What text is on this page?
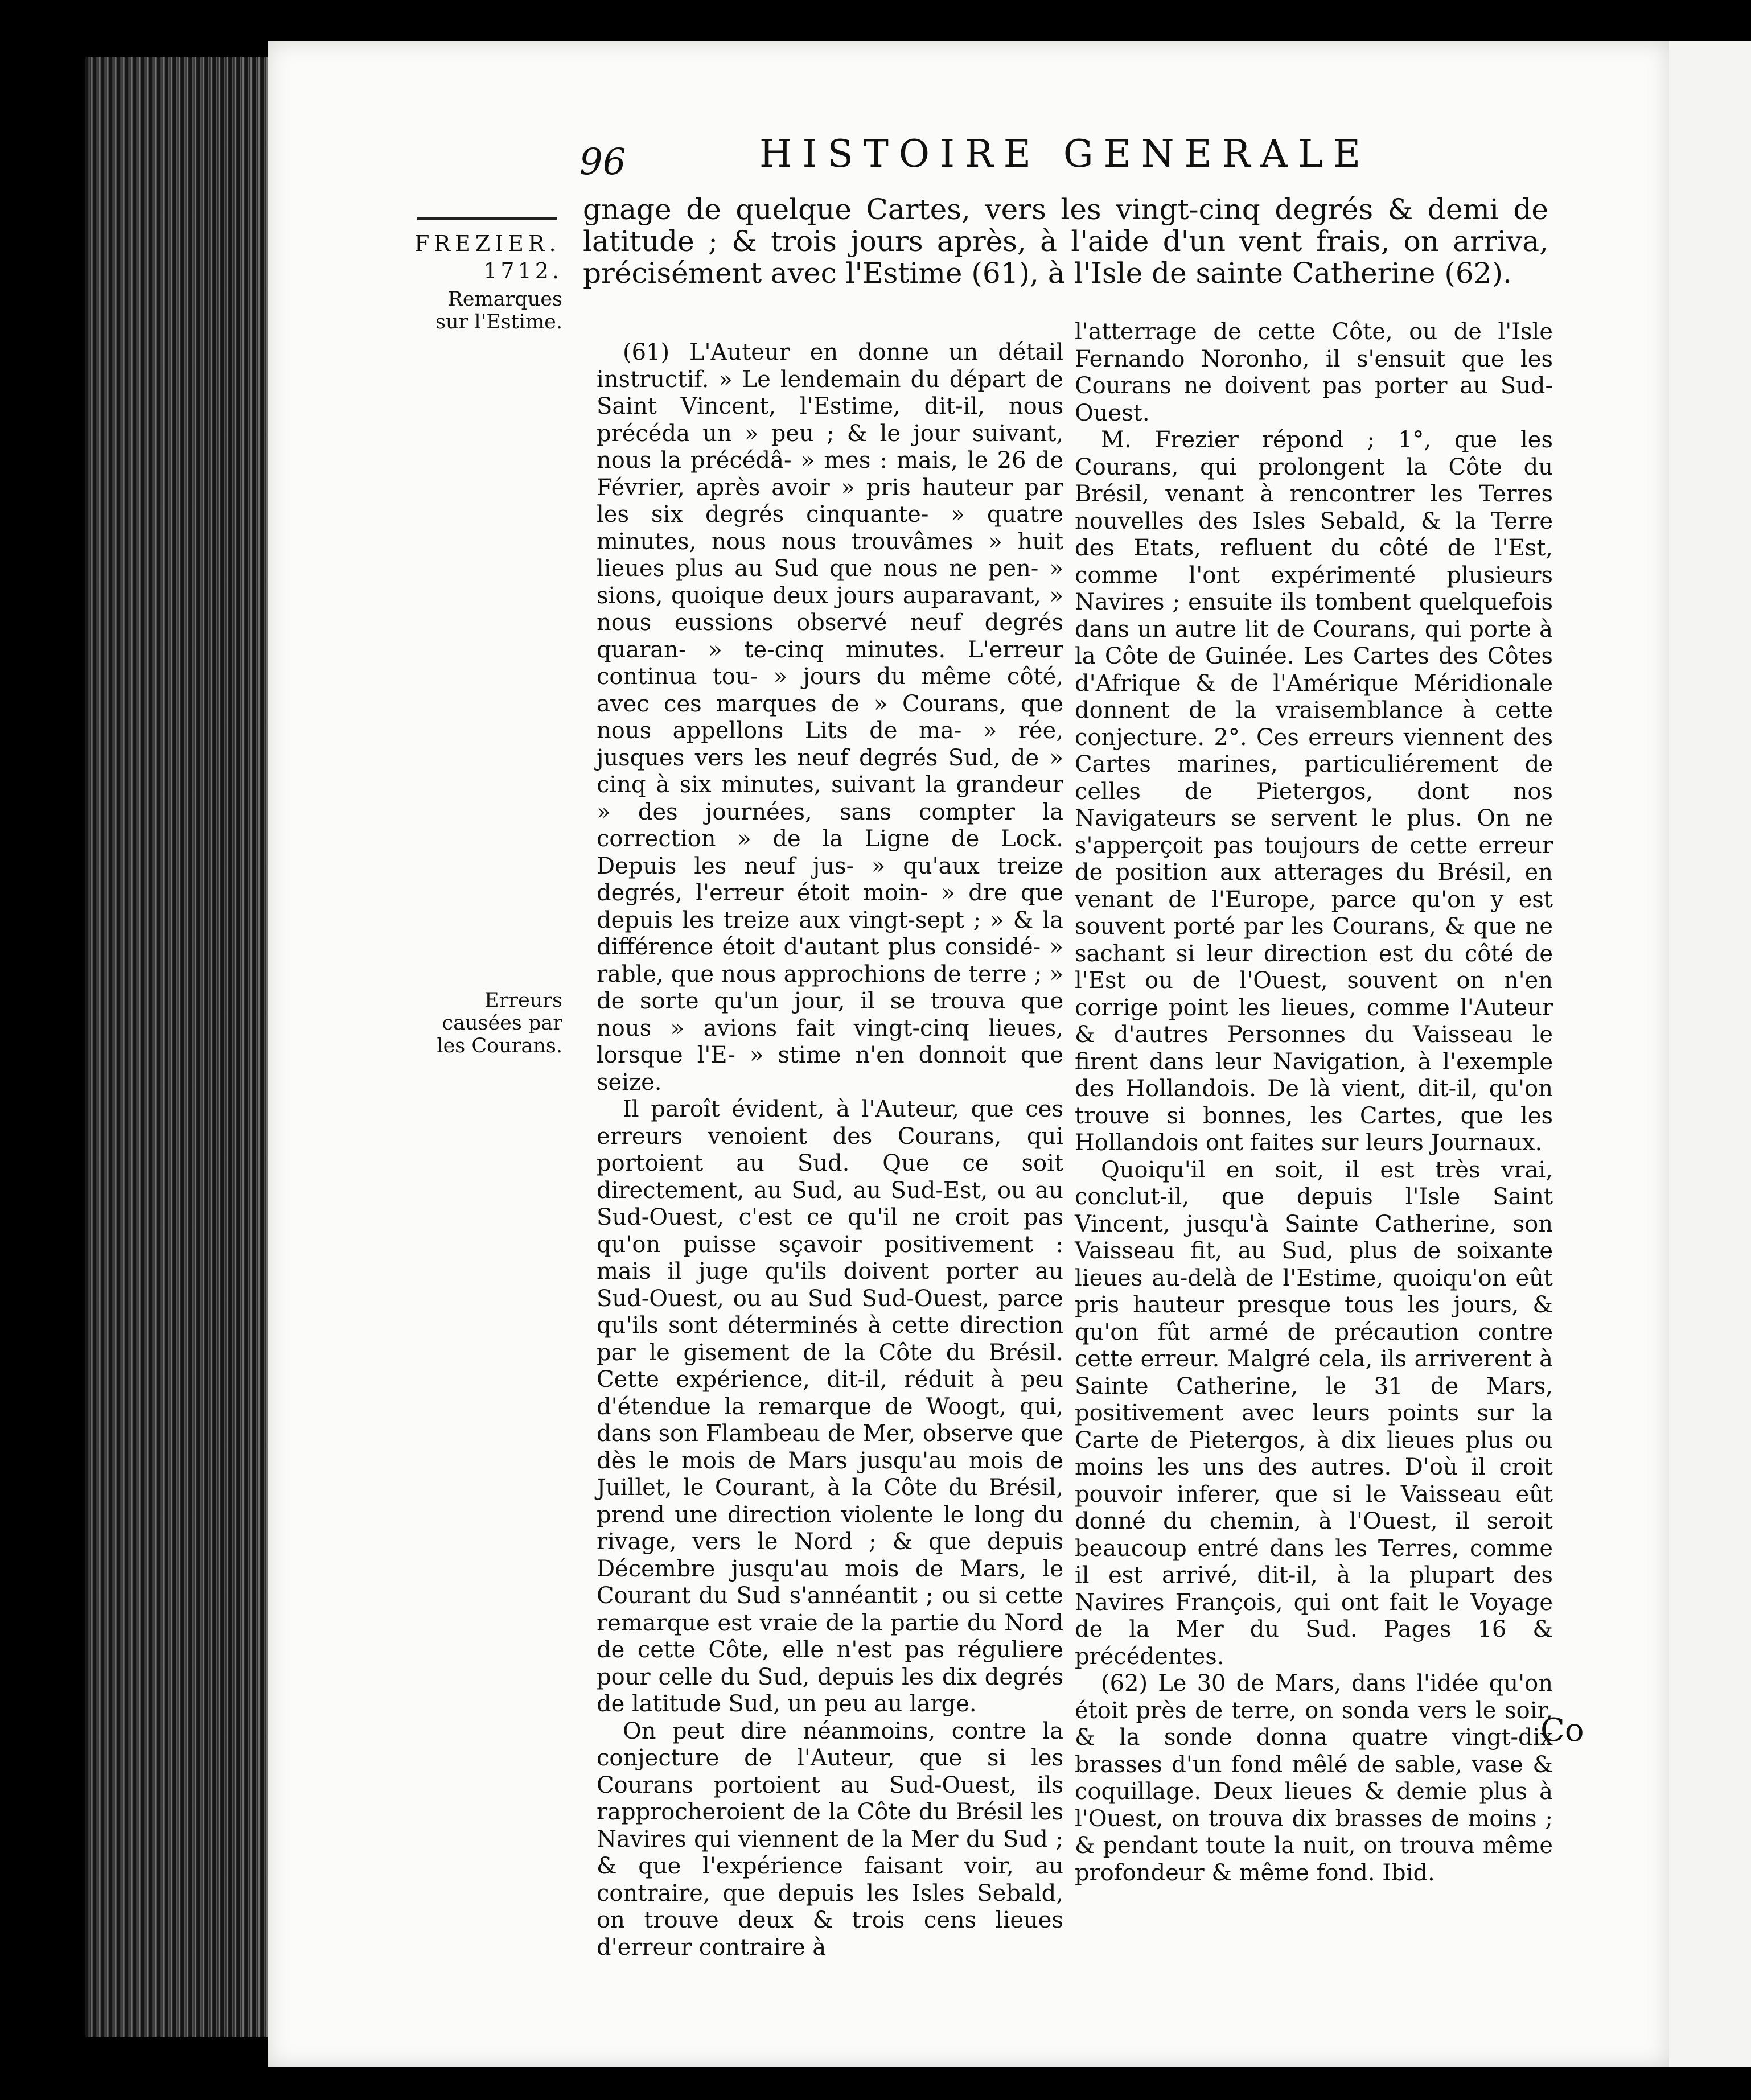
96	HISTOIRE GENERALE
FREZIER.
1712.
Remarques sur l'Estime.
Erreurs causées par les Courans.

gnage de quelque Cartes, vers les vingt-cinq degrés & demi de latitude ; & trois jours après, à l'aide d'un vent frais, on arriva, précisément avec l'Estime (61), à l'Isle de sainte Catherine (62).

(61) L'Auteur en donne un détail instructif. » Le lendemain du départ de Saint Vincent, l'Estime, dit-il, nous précéda un » peu ; & le jour suivant, nous la précédâ- » mes : mais, le 26 de Février, après avoir » pris hauteur par les six degrés cinquante- » quatre minutes, nous nous trouvâmes » huit lieues plus au Sud que nous ne pen- » sions, quoique deux jours auparavant, » nous eussions observé neuf degrés quaran- » te-cinq minutes. L'erreur continua tou- » jours du même côté, avec ces marques de » Courans, que nous appellons Lits de ma- » rée, jusques vers les neuf degrés Sud, de » cinq à six minutes, suivant la grandeur » des journées, sans compter la correction » de la Ligne de Lock. Depuis les neuf jus- » qu'aux treize degrés, l'erreur étoit moin- » dre que depuis les treize aux vingt-sept ; » & la différence étoit d'autant plus considé- » rable, que nous approchions de terre ; » de sorte qu'un jour, il se trouva que nous » avions fait vingt-cinq lieues, lorsque l'E- » stime n'en donnoit que seize.

Il paroît évident, à l'Auteur, que ces erreurs venoient des Courans, qui portoient au Sud. Que ce soit directement, au Sud, au Sud-Est, ou au Sud-Ouest, c'est ce qu'il ne croit pas qu'on puisse sçavoir positivement : mais il juge qu'ils doivent porter au Sud-Ouest, ou au Sud Sud-Ouest, parce qu'ils sont déterminés à cette direction par le gisement de la Côte du Brésil. Cette expérience, dit-il, réduit à peu d'étendue la remarque de Woogt, qui, dans son Flambeau de Mer, observe que dès le mois de Mars jusqu'au mois de Juillet, le Courant, à la Côte du Brésil, prend une direction violente le long du rivage, vers le Nord ; & que depuis Décembre jusqu'au mois de Mars, le Courant du Sud s'annéantit ; ou si cette remarque est vraie de la partie du Nord de cette Côte, elle n'est pas réguliere pour celle du Sud, depuis les dix degrés de latitude Sud, un peu au large.

On peut dire néanmoins, contre la conjecture de l'Auteur, que si les Courans portoient au Sud-Ouest, ils rapprocheroient de la Côte du Brésil les Navires qui viennent de la Mer du Sud ; & que l'expérience faisant voir, au contraire, que depuis les Isles Sebald, on trouve deux & trois cens lieues d'erreur contraire à

l'atterrage de cette Côte, ou de l'Isle Fernando Noronho, il s'ensuit que les Courans ne doivent pas porter au Sud-Ouest.

M. Frezier répond ; 1°, que les Courans, qui prolongent la Côte du Brésil, venant à rencontrer les Terres nouvelles des Isles Sebald, & la Terre des Etats, refluent du côté de l'Est, comme l'ont expérimenté plusieurs Navires ; ensuite ils tombent quelquefois dans un autre lit de Courans, qui porte à la Côte de Guinée. Les Cartes des Côtes d'Afrique & de l'Amérique Méridionale donnent de la vraisemblance à cette conjecture. 2°. Ces erreurs viennent des Cartes marines, particuliérement de celles de Pietergos, dont nos Navigateurs se servent le plus. On ne s'apperçoit pas toujours de cette erreur de position aux atterages du Brésil, en venant de l'Europe, parce qu'on y est souvent porté par les Courans, & que ne sachant si leur direction est du côté de l'Est ou de l'Ouest, souvent on n'en corrige point les lieues, comme l'Auteur & d'autres Personnes du Vaisseau le firent dans leur Navigation, à l'exemple des Hollandois. De là vient, dit-il, qu'on trouve si bonnes, les Cartes, que les Hollandois ont faites sur leurs Journaux.

Quoiqu'il en soit, il est très vrai, conclut-il, que depuis l'Isle Saint Vincent, jusqu'à Sainte Catherine, son Vaisseau fit, au Sud, plus de soixante lieues au-delà de l'Estime, quoiqu'on eût pris hauteur presque tous les jours, & qu'on fût armé de précaution contre cette erreur. Malgré cela, ils arriverent à Sainte Catherine, le 31 de Mars, positivement avec leurs points sur la Carte de Pietergos, à dix lieues plus ou moins les uns des autres. D'où il croit pouvoir inferer, que si le Vaisseau eût donné du chemin, à l'Ouest, il seroit beaucoup entré dans les Terres, comme il est arrivé, dit-il, à la plupart des Navires François, qui ont fait le Voyage de la Mer du Sud. Pages 16 & précédentes.

(62) Le 30 de Mars, dans l'idée qu'on étoit près de terre, on sonda vers le soir, & la sonde donna quatre vingt-dix brasses d'un fond mêlé de sable, vase & coquillage. Deux lieues & demie plus à l'Ouest, on trouva dix brasses de moins ; & pendant toute la nuit, on trouva même profondeur & même fond. Ibid.

Co
